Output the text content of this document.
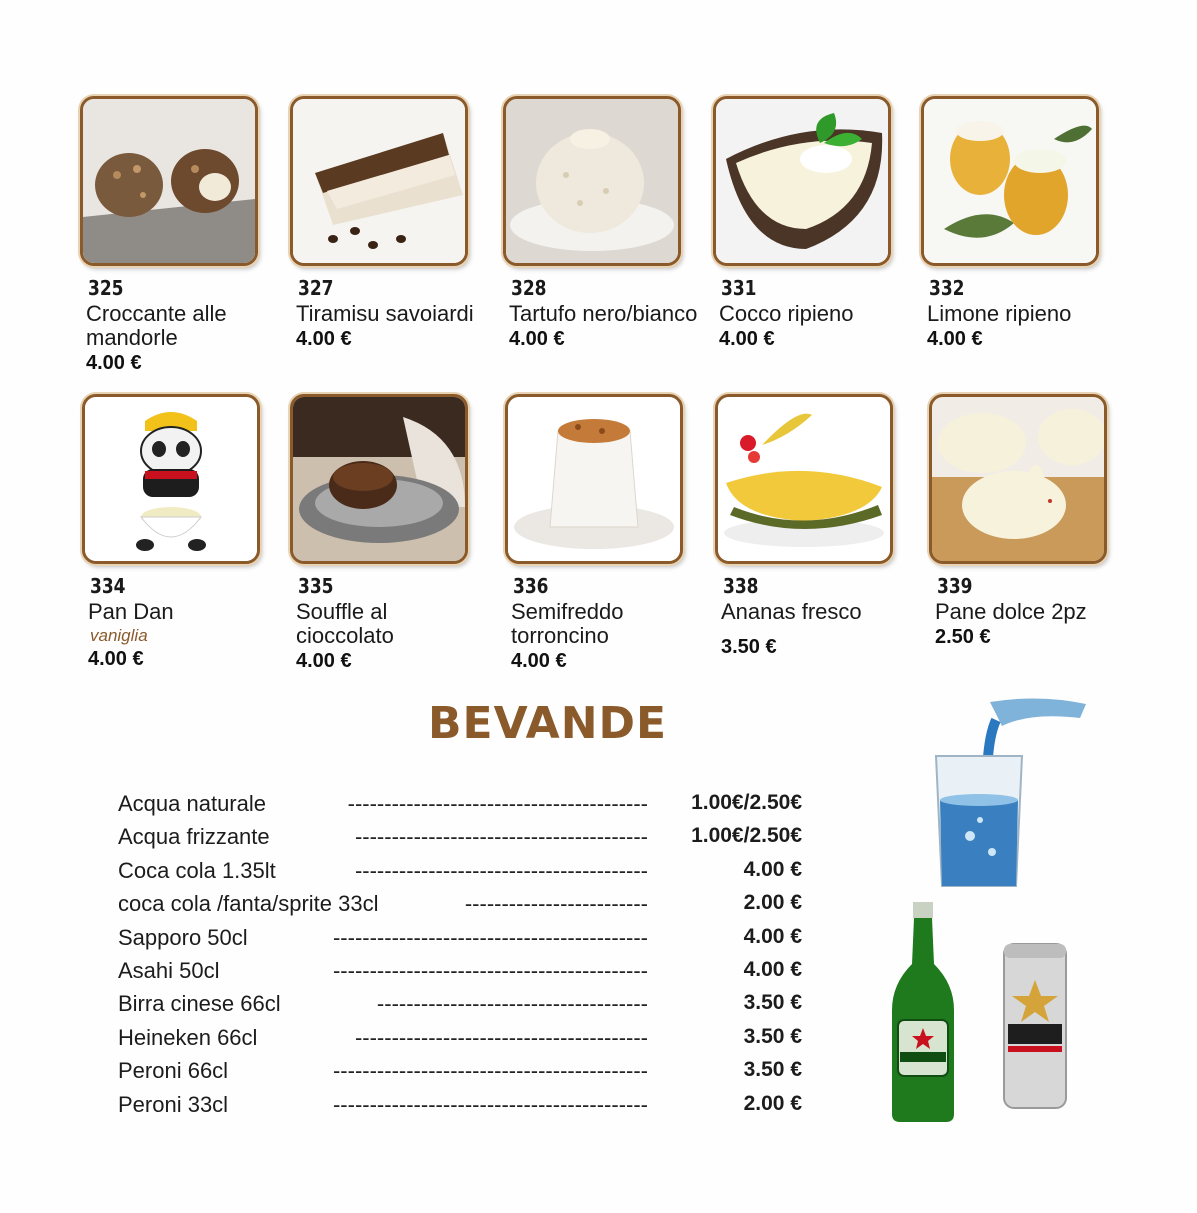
325
Croccante alle mandorle
4.00 €
327
Tiramisu savoiardi
4.00 €
328
Tartufo nero/bianco
4.00 €
331
Cocco ripieno
4.00 €
332
Limone ripieno
4.00 €
334
Pan Dan
vaniglia
4.00 €
335
Souffle al cioccolato
4.00 €
336
Semifreddo torroncino
4.00 €
338
Ananas fresco
3.50 €
339
Pane dolce 2pz
2.50 €
BEVANDE
Acqua naturale	----------------------------------------- 1.00€/2.50€
Acqua frizzante	---------------------------------------- 1.00€/2.50€
Coca cola 1.35lt	----------------------------------------	4.00 €
coca cola /fanta/sprite 33cl	-------------------------	2.00 €
Sapporo 50cl	-------------------------------------------	4.00 €
Asahi 50cl	-------------------------------------------	4.00 €
Birra cinese 66cl	-------------------------------------	3.50 €
Heineken 66cl	----------------------------------------	3.50 €
Peroni 66cl	-------------------------------------------	3.50 €
Peroni 33cl	-------------------------------------------	2.00 €
